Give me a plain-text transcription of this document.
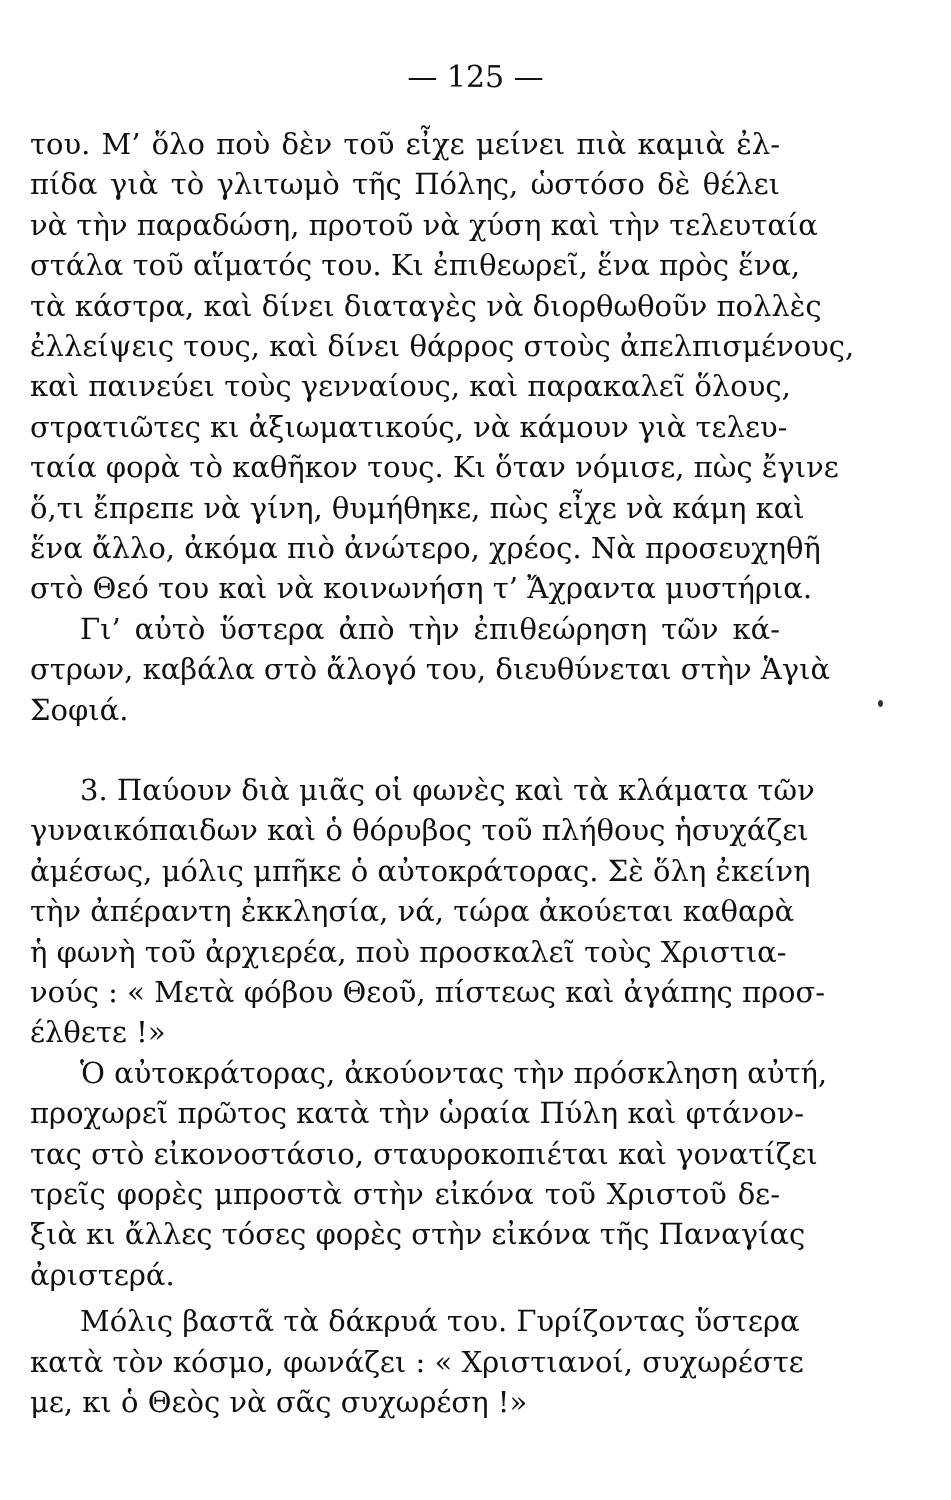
— 125 —
του. Μ’ ὅλο ποὺ δὲν τοῦ εἶχε μείνει πιὰ καμιὰ ἐλ-
πίδα γιὰ τὸ γλιτωμὸ τῆς Πόλης, ὡστόσο δὲ θέλει
νὰ τὴν παραδώση, προτοῦ νὰ χύση καὶ τὴν τελευταία
στάλα τοῦ αἵματός του. Κι ἐπιθεωρεῖ, ἕνα πρὸς ἕνα,
τὰ κάστρα, καὶ δίνει διαταγὲς νὰ διορθωθοῦν πολλὲς
ἐλλείψεις τους, καὶ δίνει θάρρος στοὺς ἀπελπισμένους,
καὶ παινεύει τοὺς γενναίους, καὶ παρακαλεῖ ὅλους,
στρατιῶτες κι ἀξιωματικούς, νὰ κάμουν γιὰ τελευ-
ταία φορὰ τὸ καθῆκον τους. Κι ὅταν νόμισε, πὼς ἔγινε
ὅ,τι ἔπρεπε νὰ γίνη, θυμήθηκε, πὼς εἶχε νὰ κάμη καὶ
ἕνα ἄλλο, ἀκόμα πιὸ ἀνώτερο, χρέος. Νὰ προσευχηθῆ
στὸ Θεό του καὶ νὰ κοινωνήση τ’ Ἄχραντα μυστήρια.
Γι’ αὐτὸ ὕστερα ἀπὸ τὴν ἐπιθεώρηση τῶν κά-
στρων, καβάλα στὸ ἄλογό του, διευθύνεται στὴν Ἁγιὰ
Σοφιά.
3. Παύουν διὰ μιᾶς οἱ φωνὲς καὶ τὰ κλάματα τῶν
γυναικόπαιδων καὶ ὁ θόρυβος τοῦ πλήθους ἡσυχάζει
ἀμέσως, μόλις μπῆκε ὁ αὐτοκράτορας. Σὲ ὅλη ἐκείνη
τὴν ἀπέραντη ἐκκλησία, νά, τώρα ἀκούεται καθαρὰ
ἡ φωνὴ τοῦ ἀρχιερέα, ποὺ προσκαλεῖ τοὺς Χριστια-
νούς : « Μετὰ φόβου Θεοῦ, πίστεως καὶ ἀγάπης προσ-
έλθετε !»
Ὁ αὐτοκράτορας, ἀκούοντας τὴν πρόσκληση αὐτή,
προχωρεῖ πρῶτος κατὰ τὴν ὡραία Πύλη καὶ φτάνον-
τας στὸ εἰκονοστάσιο, σταυροκοπιέται καὶ γονατίζει
τρεῖς φορὲς μπροστὰ στὴν εἰκόνα τοῦ Χριστοῦ δε-
ξιὰ κι ἄλλες τόσες φορὲς στὴν εἰκόνα τῆς Παναγίας
ἀριστερά.
Μόλις βαστᾶ τὰ δάκρυά του. Γυρίζοντας ὕστερα
κατὰ τὸν κόσμο, φωνάζει : « Χριστιανοί, συχωρέστε
με, κι ὁ Θεὸς νὰ σᾶς συχωρέση !»
